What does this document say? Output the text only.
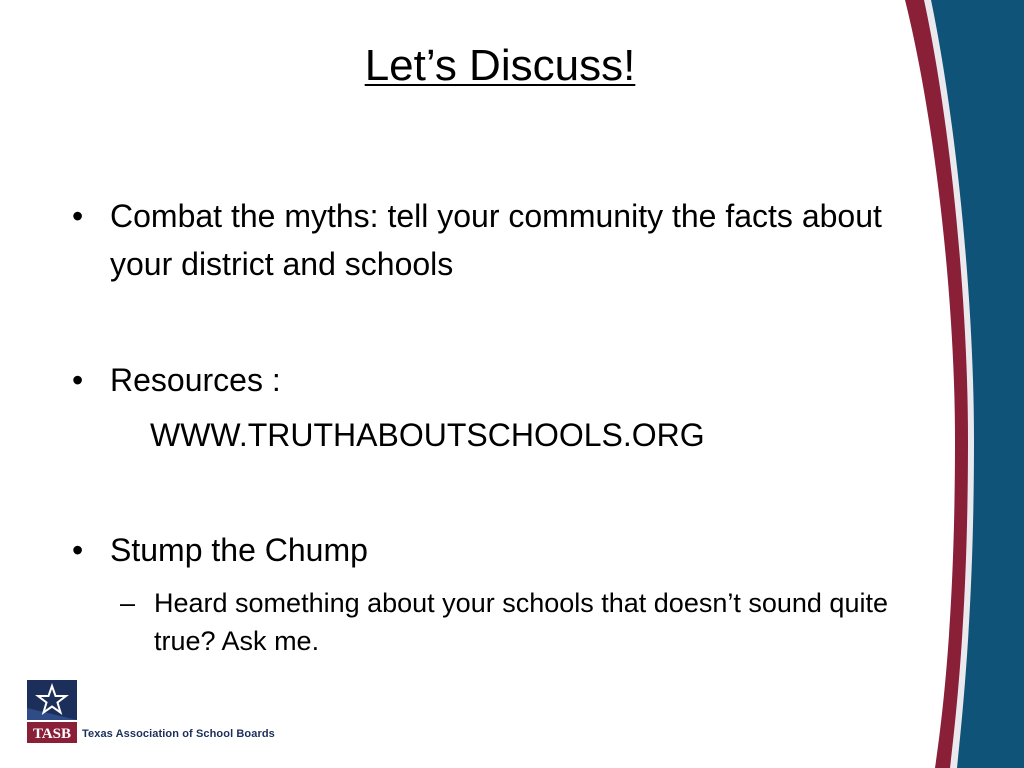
Let’s Discuss!
• Combat the myths: tell your community the facts about your district and schools
• Resources :
WWW.TRUTHABOUTSCHOOLS.ORG
• Stump the Chump
– Heard something about your schools that doesn’t sound quite true? Ask me.
TASB Texas Association of School Boards
